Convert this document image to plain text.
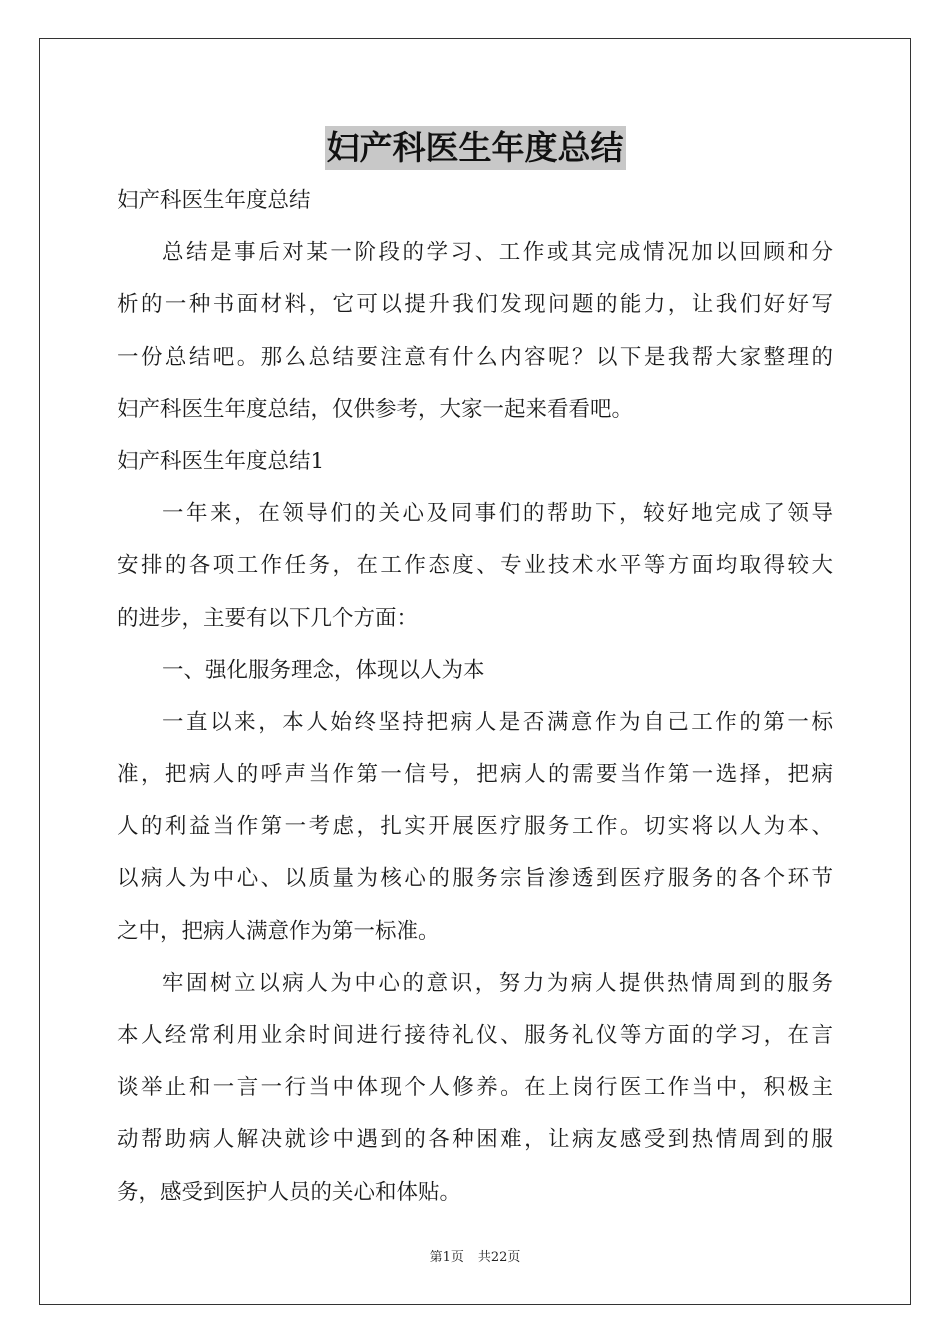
妇产科医生年度总结
妇产科医生年度总结
总结是事后对某一阶段的学习、工作或其完成情况加以回顾和分
析的一种书面材料，它可以提升我们发现问题的能力，让我们好好写
一份总结吧。那么总结要注意有什么内容呢？以下是我帮大家整理的
妇产科医生年度总结，仅供参考，大家一起来看看吧。
妇产科医生年度总结1
一年来，在领导们的关心及同事们的帮助下，较好地完成了领导
安排的各项工作任务，在工作态度、专业技术水平等方面均取得较大
的进步，主要有以下几个方面：
一、强化服务理念，体现以人为本
一直以来，本人始终坚持把病人是否满意作为自己工作的第一标
准，把病人的呼声当作第一信号，把病人的需要当作第一选择，把病
人的利益当作第一考虑，扎实开展医疗服务工作。切实将以人为本、
以病人为中心、以质量为核心的服务宗旨渗透到医疗服务的各个环节
之中，把病人满意作为第一标准。
牢固树立以病人为中心的意识，努力为病人提供热情周到的服务
本人经常利用业余时间进行接待礼仪、服务礼仪等方面的学习，在言
谈举止和一言一行当中体现个人修养。在上岗行医工作当中，积极主
动帮助病人解决就诊中遇到的各种困难，让病友感受到热情周到的服
务，感受到医护人员的关心和体贴。
第1页 共22页
